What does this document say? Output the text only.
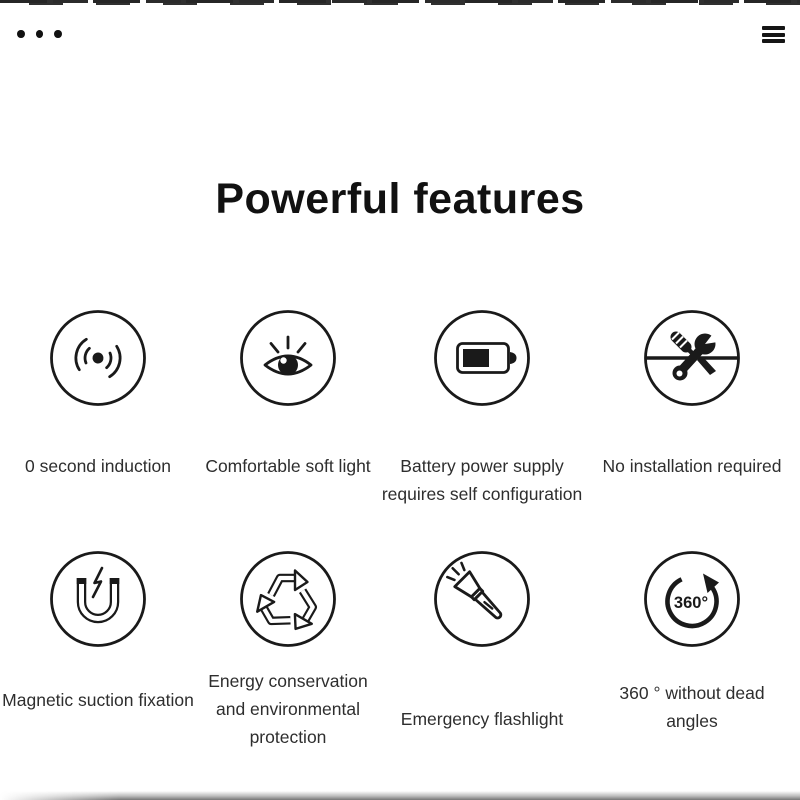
Powerful features
0 second induction Comfortable soft light Battery power supply
requires self configuration
No installation required
Magnetic suction fixation
Energy conservation
and environmental
protection
Emergency flashlight
360°
360 ° without dead
angles
